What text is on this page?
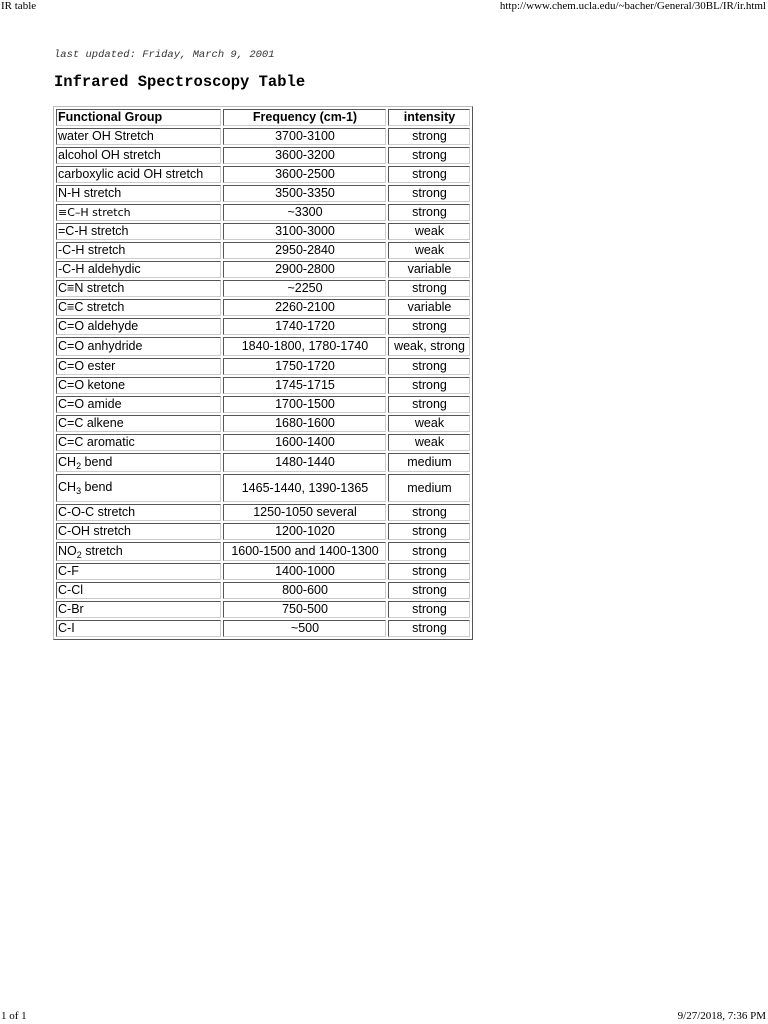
IR table	http://www.chem.ucla.edu/~bacher/General/30BL/IR/ir.html
last updated: Friday, March 9, 2001
Infrared Spectroscopy Table
Functional Group	Frequency (cm-1)	intensity
water OH Stretch	3700-3100	strong
alcohol OH stretch	3600-3200	strong
carboxylic acid OH stretch	3600-2500	strong
N-H stretch	3500-3350	strong
≡C–H stretch	~3300	strong
=C-H stretch	3100-3000	weak
-C-H stretch	2950-2840	weak
-C-H aldehydic	2900-2800	variable
C≡N stretch	~2250	strong
C≡C stretch	2260-2100	variable
C=O aldehyde	1740-1720	strong
C=O anhydride	1840-1800, 1780-1740	weak, strong
C=O ester	1750-1720	strong
C=O ketone	1745-1715	strong
C=O amide	1700-1500	strong
C=C alkene	1680-1600	weak
C=C aromatic	1600-1400	weak
$CH_2$ bend	1480-1440	medium
$CH_3$ bend	1465-1440, 1390-1365	medium
C-O-C stretch	1250-1050 several	strong
C-OH stretch	1200-1020	strong
$NO_2$ stretch	1600-1500 and 1400-1300	strong
C-F	1400-1000	strong
C-Cl	800-600	strong
C-Br	750-500	strong
C-I	~500	strong
1 of 1	9/27/2018, 7:36 PM
